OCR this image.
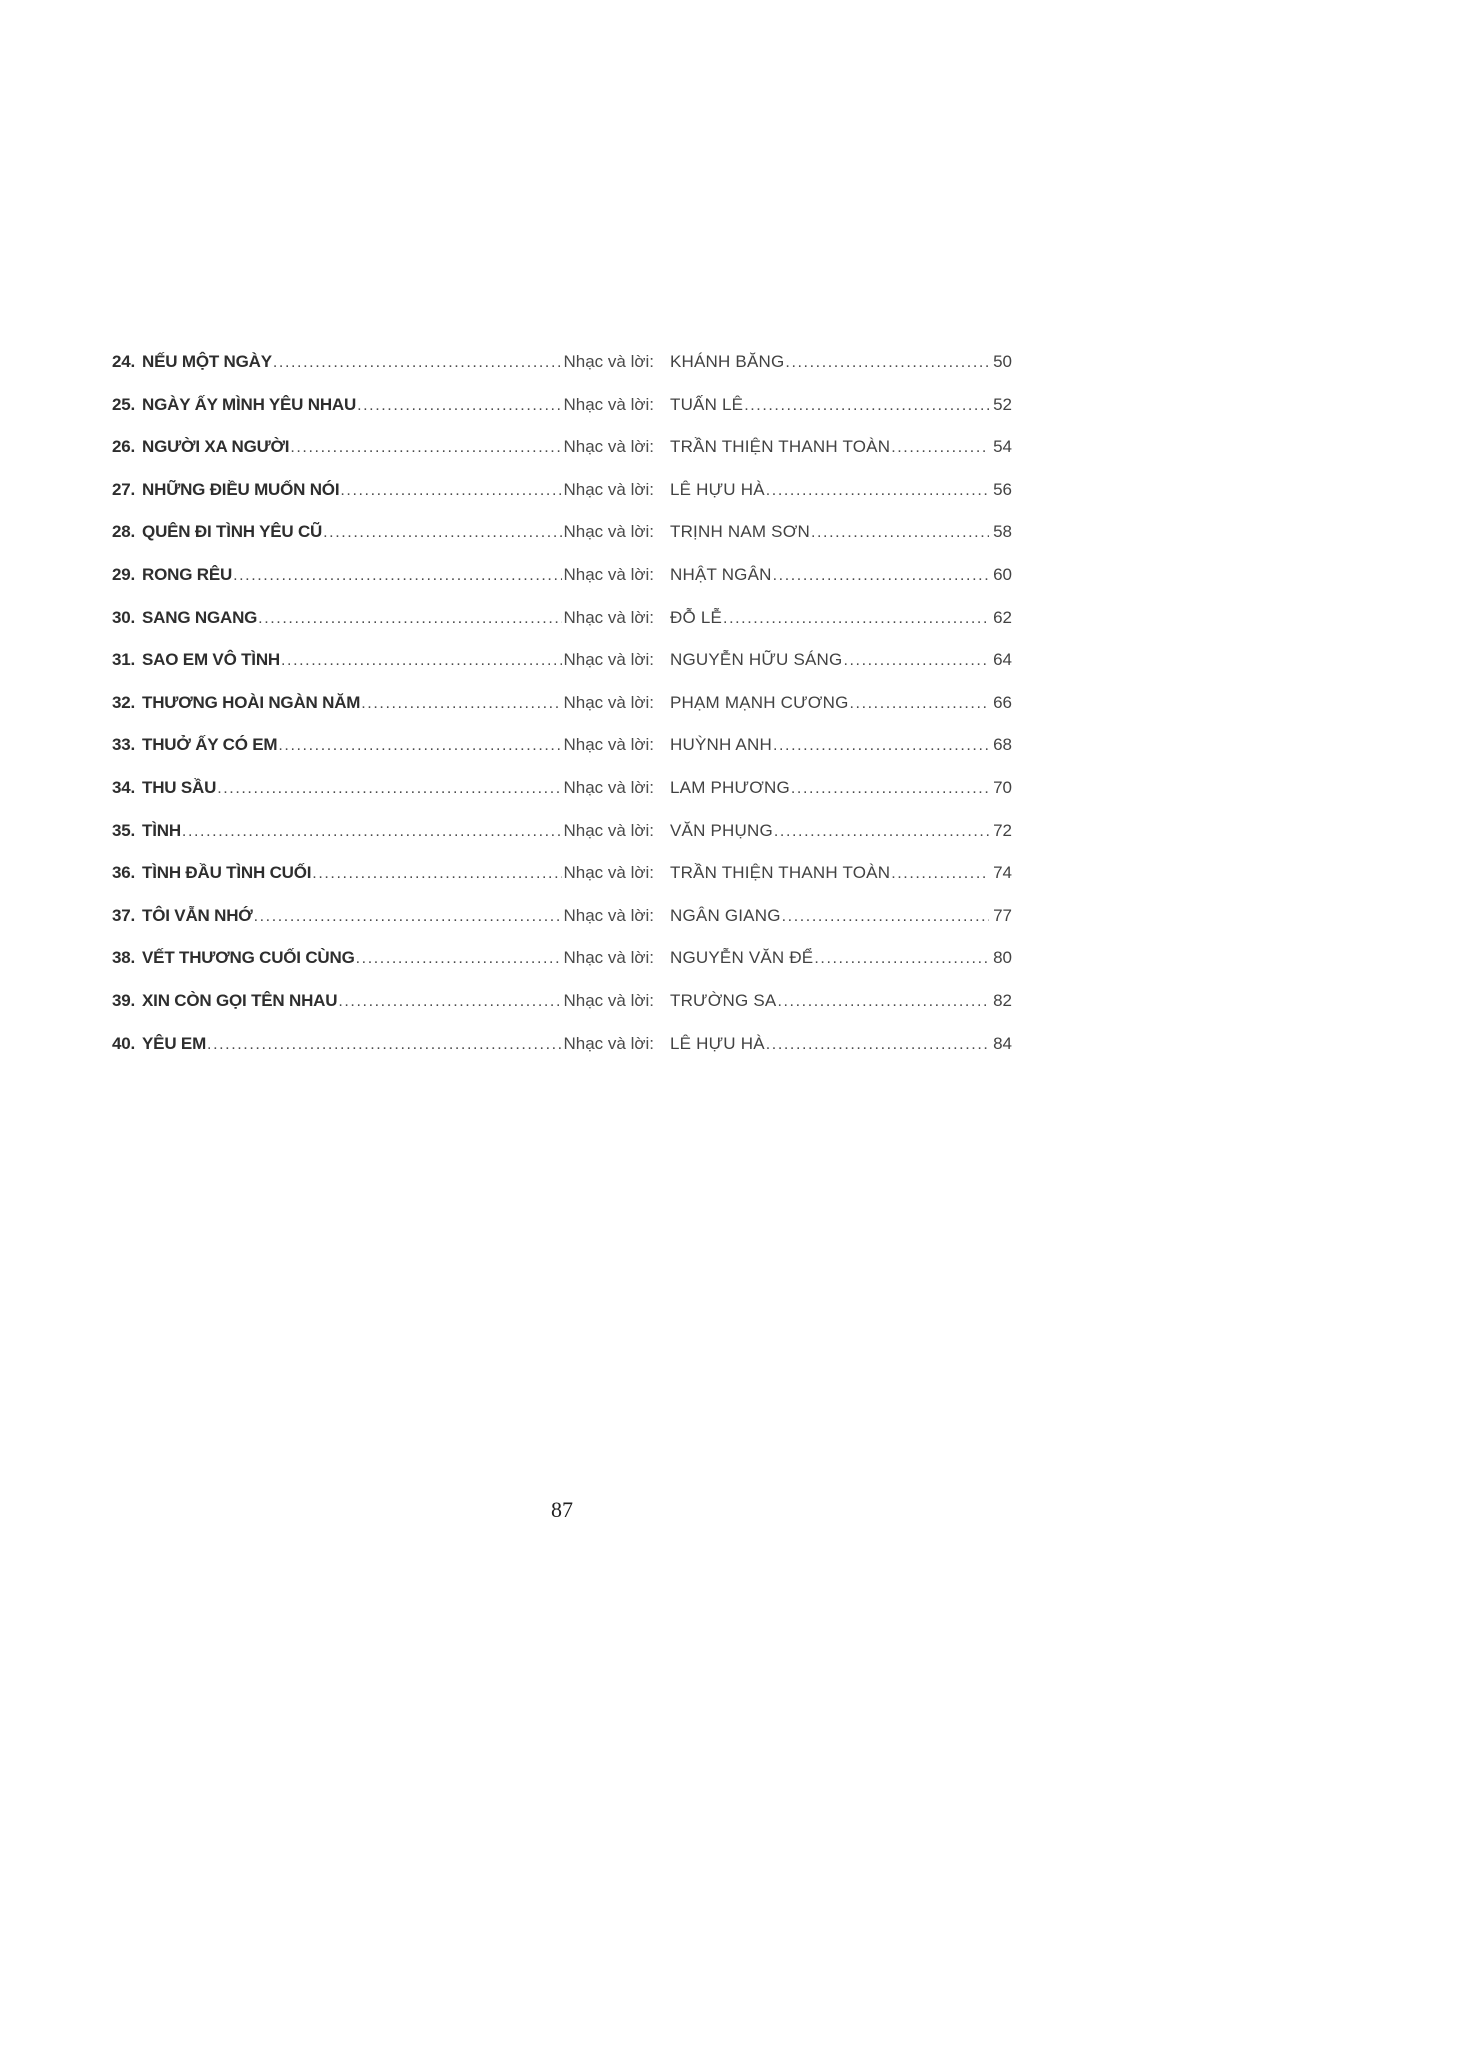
24. NẾU MỘT NGÀY .....	Nhạc và lời: KHÁNH BĂNG .....	50
25. NGÀY ẤY MÌNH YÊU NHAU .....	Nhạc và lời: TUẤN LÊ .....	52
26. NGƯỜI XA NGƯỜI .....	Nhạc và lời: TRẦN THIỆN THANH TOÀN .....	54
27. NHỮNG ĐIỀU MUỐN NÓI .....	Nhạc và lời: LÊ HỰU HÀ .....	56
28. QUÊN ĐI TÌNH YÊU CŨ .....	Nhạc và lời: TRỊNH NAM SƠN .....	58
29. RONG RÊU .....	Nhạc và lời: NHẬT NGÂN .....	60
30. SANG NGANG .....	Nhạc và lời: ĐỖ LỄ .....	62
31. SAO EM VÔ TÌNH .....	Nhạc và lời: NGUYỄN HỮU SÁNG .....	64
32. THƯƠNG HOÀI NGÀN NĂM .....	Nhạc và lời: PHẠM MẠNH CƯƠNG .....	66
33. THUỞ ẤY CÓ EM .....	Nhạc và lời: HUỲNH ANH .....	68
34. THU SẦU .....	Nhạc và lời: LAM PHƯƠNG .....	70
35. TÌNH .....	Nhạc và lời: VĂN PHỤNG .....	72
36. TÌNH ĐẦU TÌNH CUỐI .....	Nhạc và lời: TRẦN THIỆN THANH TOÀN .....	74
37. TÔI VẪN NHỚ .....	Nhạc và lời: NGÂN GIANG .....	77
38. VẾT THƯƠNG CUỐI CÙNG .....	Nhạc và lời: NGUYỄN VĂN ĐỂ .....	80
39. XIN CÒN GỌI TÊN NHAU .....	Nhạc và lời: TRƯỜNG SA .....	82
40. YÊU EM .....	Nhạc và lời: LÊ HỰU HÀ .....	84
87
